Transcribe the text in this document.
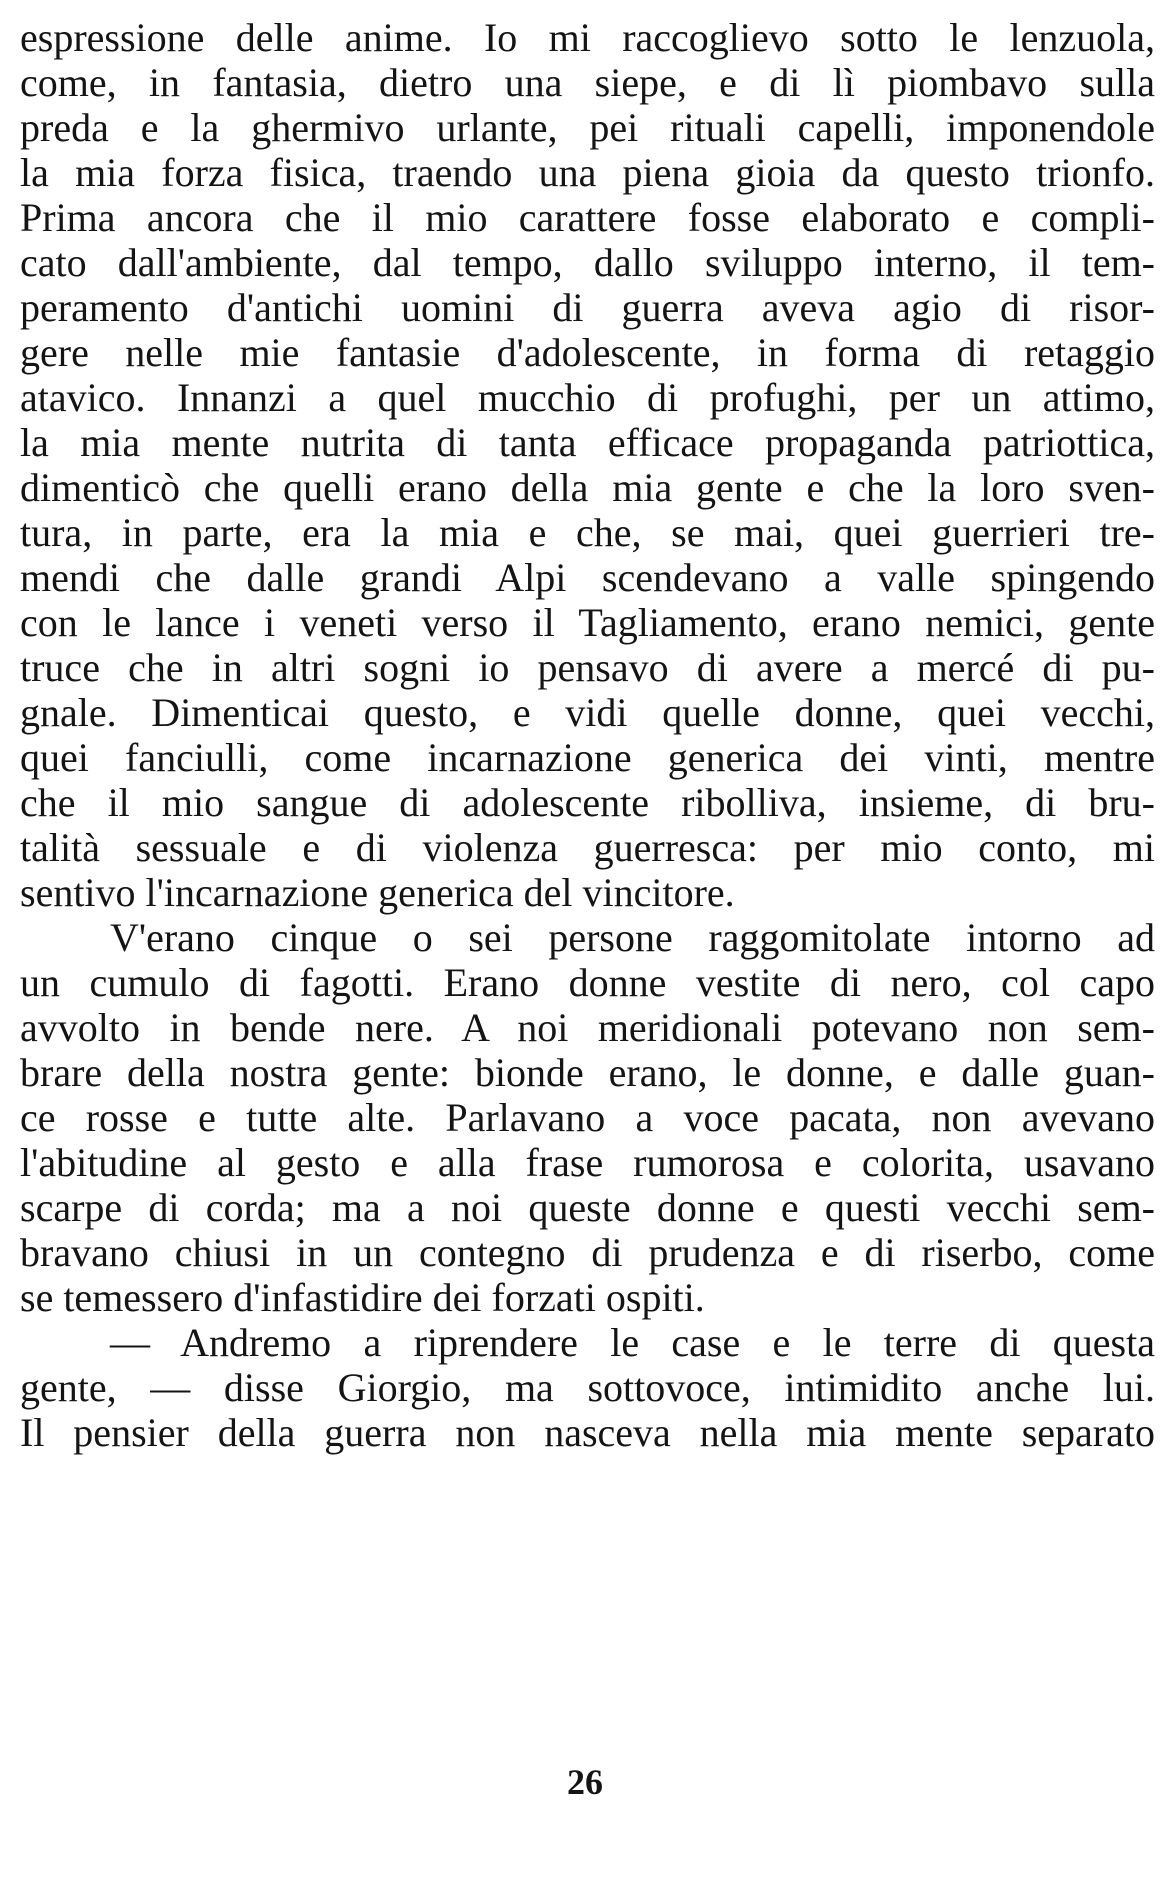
espressione delle anime. Io mi raccoglievo sotto le lenzuola,
come, in fantasia, dietro una siepe, e di lì piombavo sulla
preda e la ghermivo urlante, pei rituali capelli, imponendole
la mia forza fisica, traendo una piena gioia da questo trionfo.
Prima ancora che il mio carattere fosse elaborato e compli-
cato dall'ambiente, dal tempo, dallo sviluppo interno, il tem-
peramento d'antichi uomini di guerra aveva agio di risor-
gere nelle mie fantasie d'adolescente, in forma di retaggio
atavico. Innanzi a quel mucchio di profughi, per un attimo,
la mia mente nutrita di tanta efficace propaganda patriottica,
dimenticò che quelli erano della mia gente e che la loro sven-
tura, in parte, era la mia e che, se mai, quei guerrieri tre-
mendi che dalle grandi Alpi scendevano a valle spingendo
con le lance i veneti verso il Tagliamento, erano nemici, gente
truce che in altri sogni io pensavo di avere a mercé di pu-
gnale. Dimenticai questo, e vidi quelle donne, quei vecchi,
quei fanciulli, come incarnazione generica dei vinti, mentre
che il mio sangue di adolescente ribolliva, insieme, di bru-
talità sessuale e di violenza guerresca: per mio conto, mi
sentivo l'incarnazione generica del vincitore.
V'erano cinque o sei persone raggomitolate intorno ad
un cumulo di fagotti. Erano donne vestite di nero, col capo
avvolto in bende nere. A noi meridionali potevano non sem-
brare della nostra gente: bionde erano, le donne, e dalle guan-
ce rosse e tutte alte. Parlavano a voce pacata, non avevano
l'abitudine al gesto e alla frase rumorosa e colorita, usavano
scarpe di corda; ma a noi queste donne e questi vecchi sem-
bravano chiusi in un contegno di prudenza e di riserbo, come
se temessero d'infastidire dei forzati ospiti.
— Andremo a riprendere le case e le terre di questa
gente, — disse Giorgio, ma sottovoce, intimidito anche lui.
Il pensier della guerra non nasceva nella mia mente separato
26
